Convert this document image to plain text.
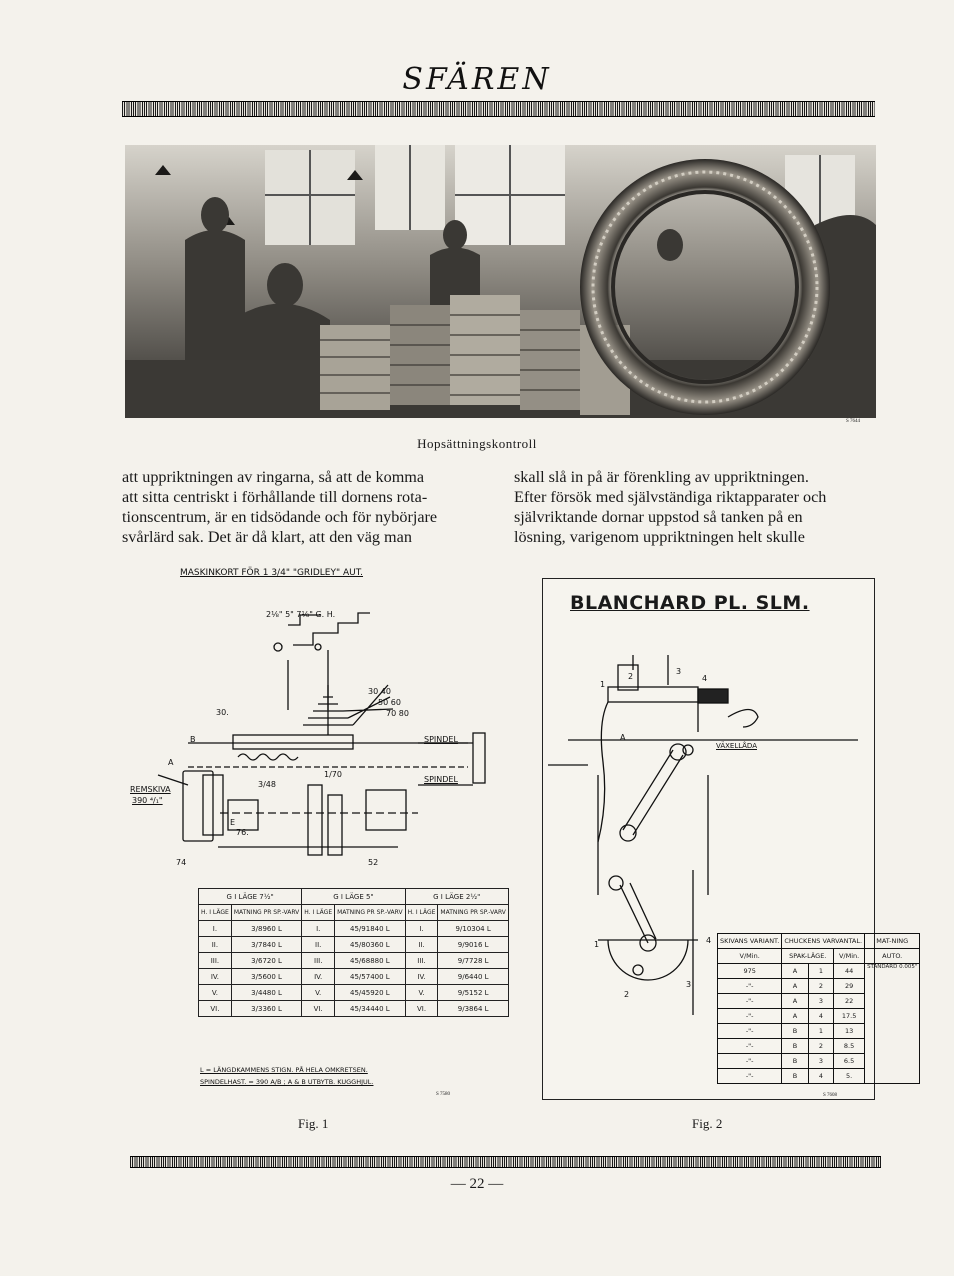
SFÄREN
S 7644
Hopsättningskontroll
att uppriktningen av ringarna, så att de komma
att sitta centriskt i förhållande till dornens rota-
tionscentrum, är en tidsödande och för nybörjare
svårlärd sak. Det är då klart, att den väg man
skall slå in på är förenkling av uppriktningen.
Efter försök med självständiga riktapparater och
självriktande dornar uppstod så tanken på en
lösning, varigenom uppriktningen helt skulle
MASKINKORT FÖR 1 3/4" "GRIDLEY" AUT.
2⅛" 5" 7⅛" G. H.
30 40
50 60
70 80
30.
B
A
SPINDEL
SPINDEL
REMSKIVA
390 ⁴/₁"
E
3/48
1/70
74	52
76.
G I LÄGE 7½"		G I LÄGE 5"		G I LÄGE 2½"	
H. I LÄGE	MATNING PR SP.-VARV	H. I LÄGE	MATNING PR SP.-VARV	H. I LÄGE	MATNING PR SP.-VARV
I.	3/8960 L	I.	45/91840 L	I.	9/10304 L
II.	3/7840 L	II.	45/80360 L	II.	9/9016 L
III.	3/6720 L	III.	45/68880 L	III.	9/7728 L
IV.	3/5600 L	IV.	45/57400 L	IV.	9/6440 L
V.	3/4480 L	V.	45/45920 L	V.	9/5152 L
VI.	3/3360 L	VI.	45/34440 L	VI.	9/3864 L
L = LÄNGDKAMMENS STIGN. PÅ HELA OMKRETSEN.
SPINDELHAST. = 390 A/B ; A & B UTBYTB. KUGGHJUL.
S 7580
Fig. 1
BLANCHARD PL. SLM.
1
2
3
4
A
VÄXELLÅDA
1
2
3
4 SKIVANS VARIANT.	CHUCKENS VARVANTAL.			MAT-NING
V/Min.	SPAK-LÄGE.		V/Min.	AUTO.
975	A	1	44	STANDARD 0.005"
-"-	A	2	29	
-"-	A	3	22	
-"-	A	4	17.5	
-"-	B	1	13	
-"-	B	2	8.5	
-"-	B	3	6.5	
-"-	B	4	5.	
S 7608
Fig. 2
— 22 —
